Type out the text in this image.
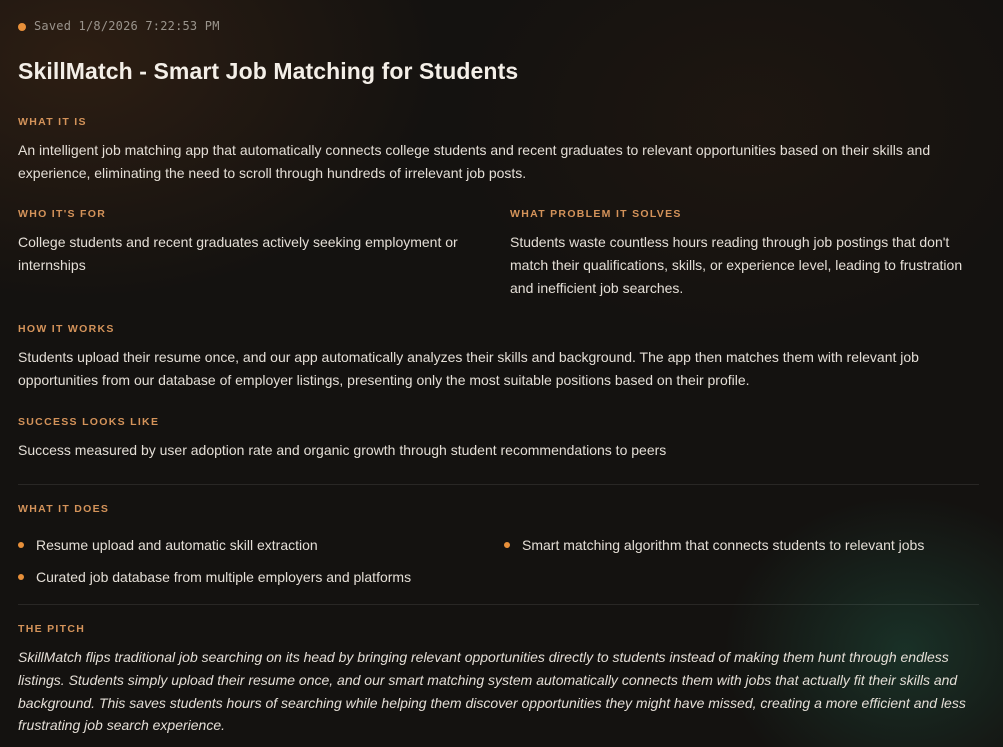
Saved 1/8/2026 7:22:53 PM
SkillMatch - Smart Job Matching for Students

WHAT IT IS

An intelligent job matching app that automatically connects college students and recent graduates to relevant opportunities based on their skills and experience, eliminating the need to scroll through hundreds of irrelevant job posts.

WHO IT'S FOR

College students and recent graduates actively seeking employment or internships

WHAT PROBLEM IT SOLVES

Students waste countless hours reading through job postings that don't match their qualifications, skills, or experience level, leading to frustration and inefficient job searches.

HOW IT WORKS

Students upload their resume once, and our app automatically analyzes their skills and background. The app then matches them with relevant job opportunities from our database of employer listings, presenting only the most suitable positions based on their profile.

SUCCESS LOOKS LIKE

Success measured by user adoption rate and organic growth through student recommendations to peers

WHAT IT DOES

Resume upload and automatic skill extraction	Smart matching algorithm that connects students to relevant jobs
Curated job database from multiple employers and platforms

THE PITCH

SkillMatch flips traditional job searching on its head by bringing relevant opportunities directly to students instead of making them hunt through endless listings. Students simply upload their resume once, and our smart matching system automatically connects them with jobs that actually fit their skills and background. This saves students hours of searching while helping them discover opportunities they might have missed, creating a more efficient and less frustrating job search experience.
